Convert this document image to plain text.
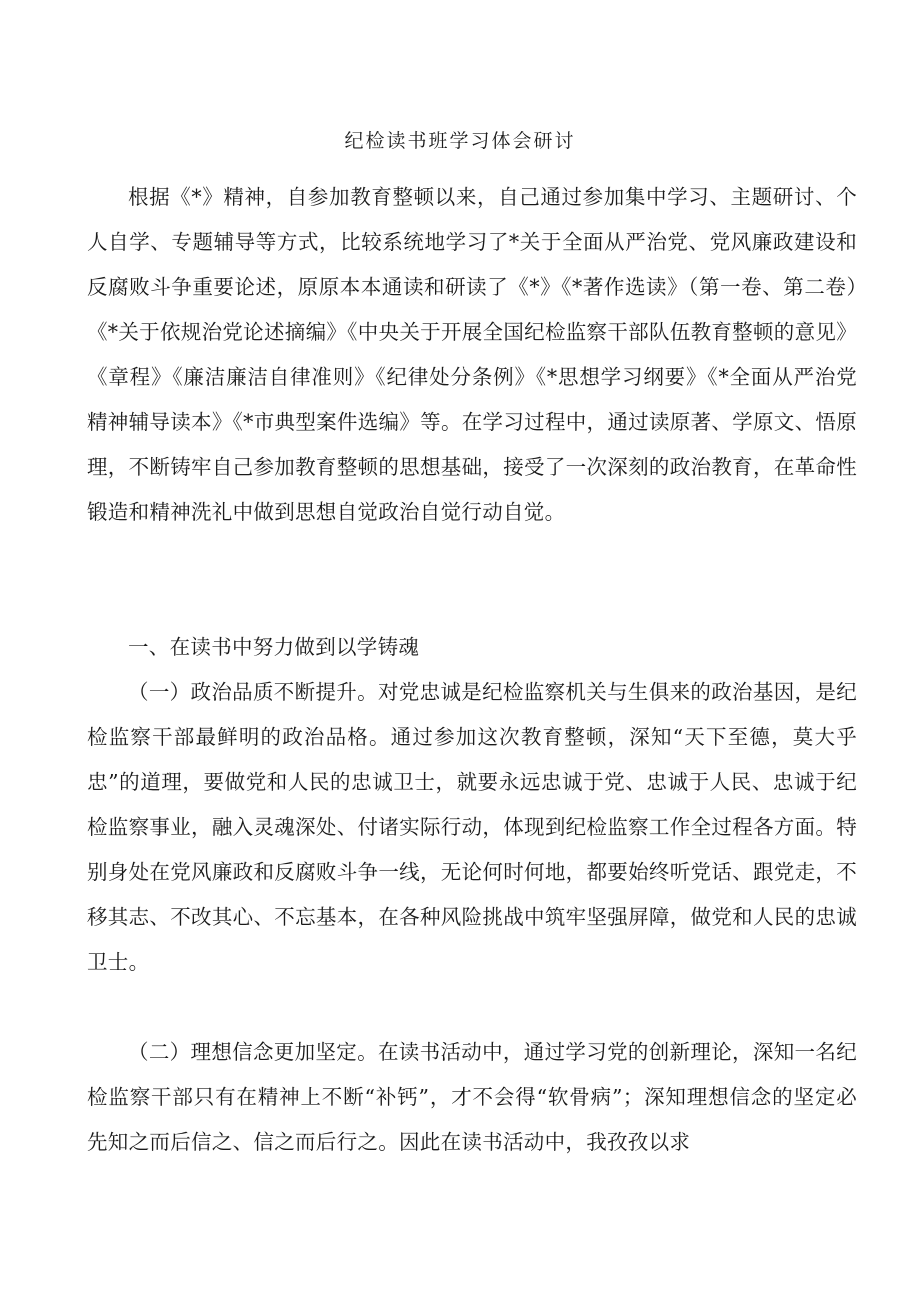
纪检读书班学习体会研讨
根据《*》精神，自参加教育整顿以来，自己通过参加集中学习、主题研讨、个人自学、专题辅导等方式，比较系统地学习了*关于全面从严治党、党风廉政建设和反腐败斗争重要论述，原原本本通读和研读了《*》《*著作选读》（第一卷、第二卷）《*关于依规治党论述摘编》《中央关于开展全国纪检监察干部队伍教育整顿的意见》《章程》《廉洁廉洁自律准则》《纪律处分条例》《*思想学习纲要》《*全面从严治党精神辅导读本》《*市典型案件选编》等。在学习过程中，通过读原著、学原文、悟原理，不断铸牢自己参加教育整顿的思想基础，接受了一次深刻的政治教育，在革命性锻造和精神洗礼中做到思想自觉政治自觉行动自觉。
一、在读书中努力做到以学铸魂
（一）政治品质不断提升。对党忠诚是纪检监察机关与生俱来的政治基因，是纪检监察干部最鲜明的政治品格。通过参加这次教育整顿，深知“天下至德，莫大乎忠”的道理，要做党和人民的忠诚卫士，就要永远忠诚于党、忠诚于人民、忠诚于纪检监察事业，融入灵魂深处、付诸实际行动，体现到纪检监察工作全过程各方面。特别身处在党风廉政和反腐败斗争一线，无论何时何地，都要始终听党话、跟党走，不移其志、不改其心、不忘基本，在各种风险挑战中筑牢坚强屏障，做党和人民的忠诚卫士。
（二）理想信念更加坚定。在读书活动中，通过学习党的创新理论，深知一名纪检监察干部只有在精神上不断“补钙”，才不会得“软骨病”；深知理想信念的坚定必先知之而后信之、信之而后行之。因此在读书活动中，我孜孜以求
